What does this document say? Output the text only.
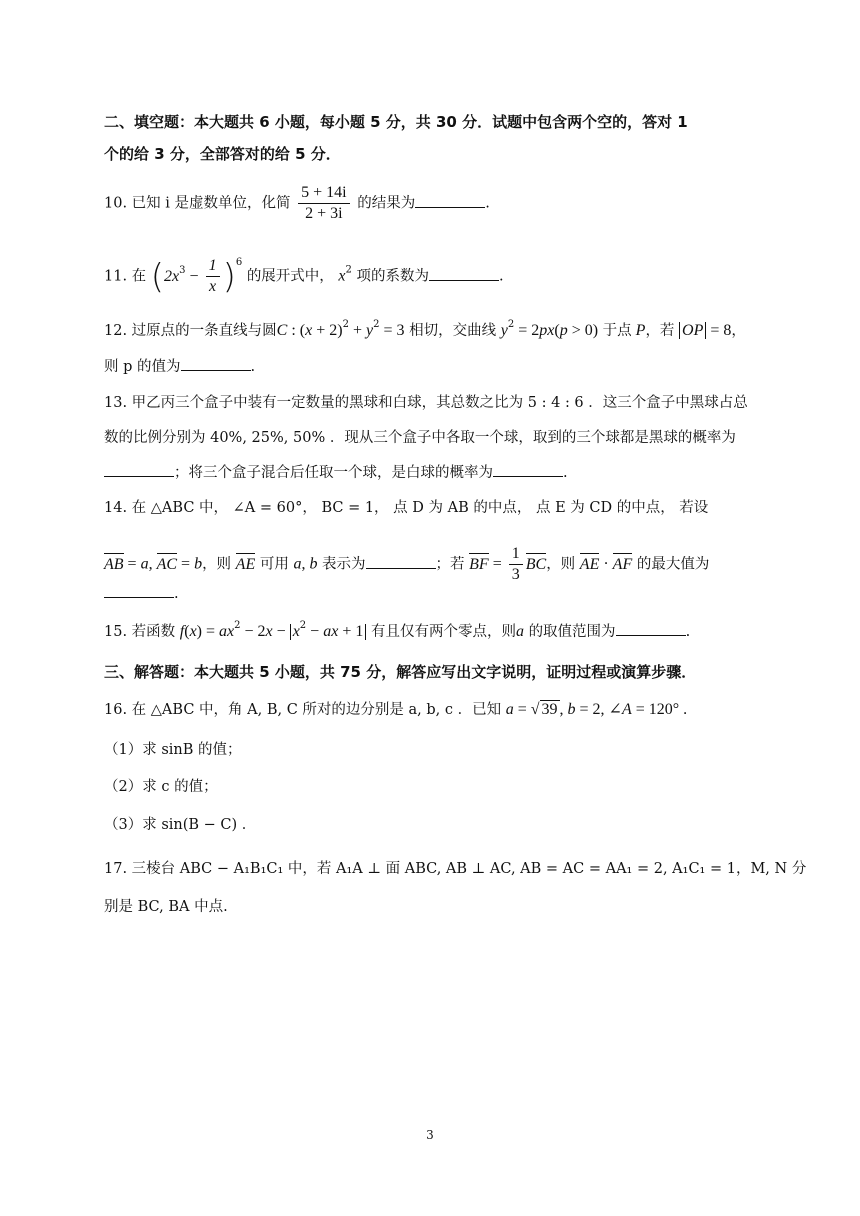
二、填空题：本大题共 6 小题，每小题 5 分，共 30 分．试题中包含两个空的，答对 1
个的给 3 分，全部答对的给 5 分．
10. 已知 i 是虚数单位，化简 $\frac{5 + 14i}{2 + 3i}$ 的结果为	.
11. 在 $(2x^3 - \frac{1}{x} )^6$ 的展开式中， $x^2$ 项的系数为	.
12. 过原点的一条直线与圆C : $(x + 2)^2 + y^2 = 3$ 相切，交曲线 $y^2 = 2px(p > 0)$ 于点 P，若 OP = 8，
则 p 的值为	.
13. 甲乙丙三个盒子中装有一定数量的黑球和白球，其总数之比为 5 : 4 : 6 ．这三个盒子中黑球占总
数的比例分别为 40%, 25%, 50% ．现从三个盒子中各取一个球，取到的三个球都是黑球的概率为
；将三个盒子混合后任取一个球，是白球的概率为	.
14. 在 △ABC 中， ∠A = 60°， BC = 1， 点 D 为 AB 的中点， 点 E 为 CD 的中点， 若设
AB = a, AC = b，则 AE 可用 a, b 表示为	；若 BF = $\frac{1}{3}$ BC，则 AE · AF 的最大值为
.
15. 若函数 $f(x) = ax^2 - 2x - x^2$ − ax + 1 有且仅有两个零点，则a 的取值范围为	.
三、解答题：本大题共 5 小题，共 75 分，解答应写出文字说明，证明过程或演算步骤．
16. 在 △ABC 中，角 A, B, C 所对的边分别是 a, b, c ．已知 a = √ 39 , b = 2, ∠A = 120° .
（1）求 sinB 的值；
（2）求 c 的值；
（3）求 sin(B − C) ．
17. 三棱台 ABC − A₁B₁C₁ 中，若 A₁A ⊥ 面 ABC, AB ⊥ AC, AB = AC = AA₁ = 2, A₁C₁ = 1，M, N 分
别是 BC, BA 中点.
3
